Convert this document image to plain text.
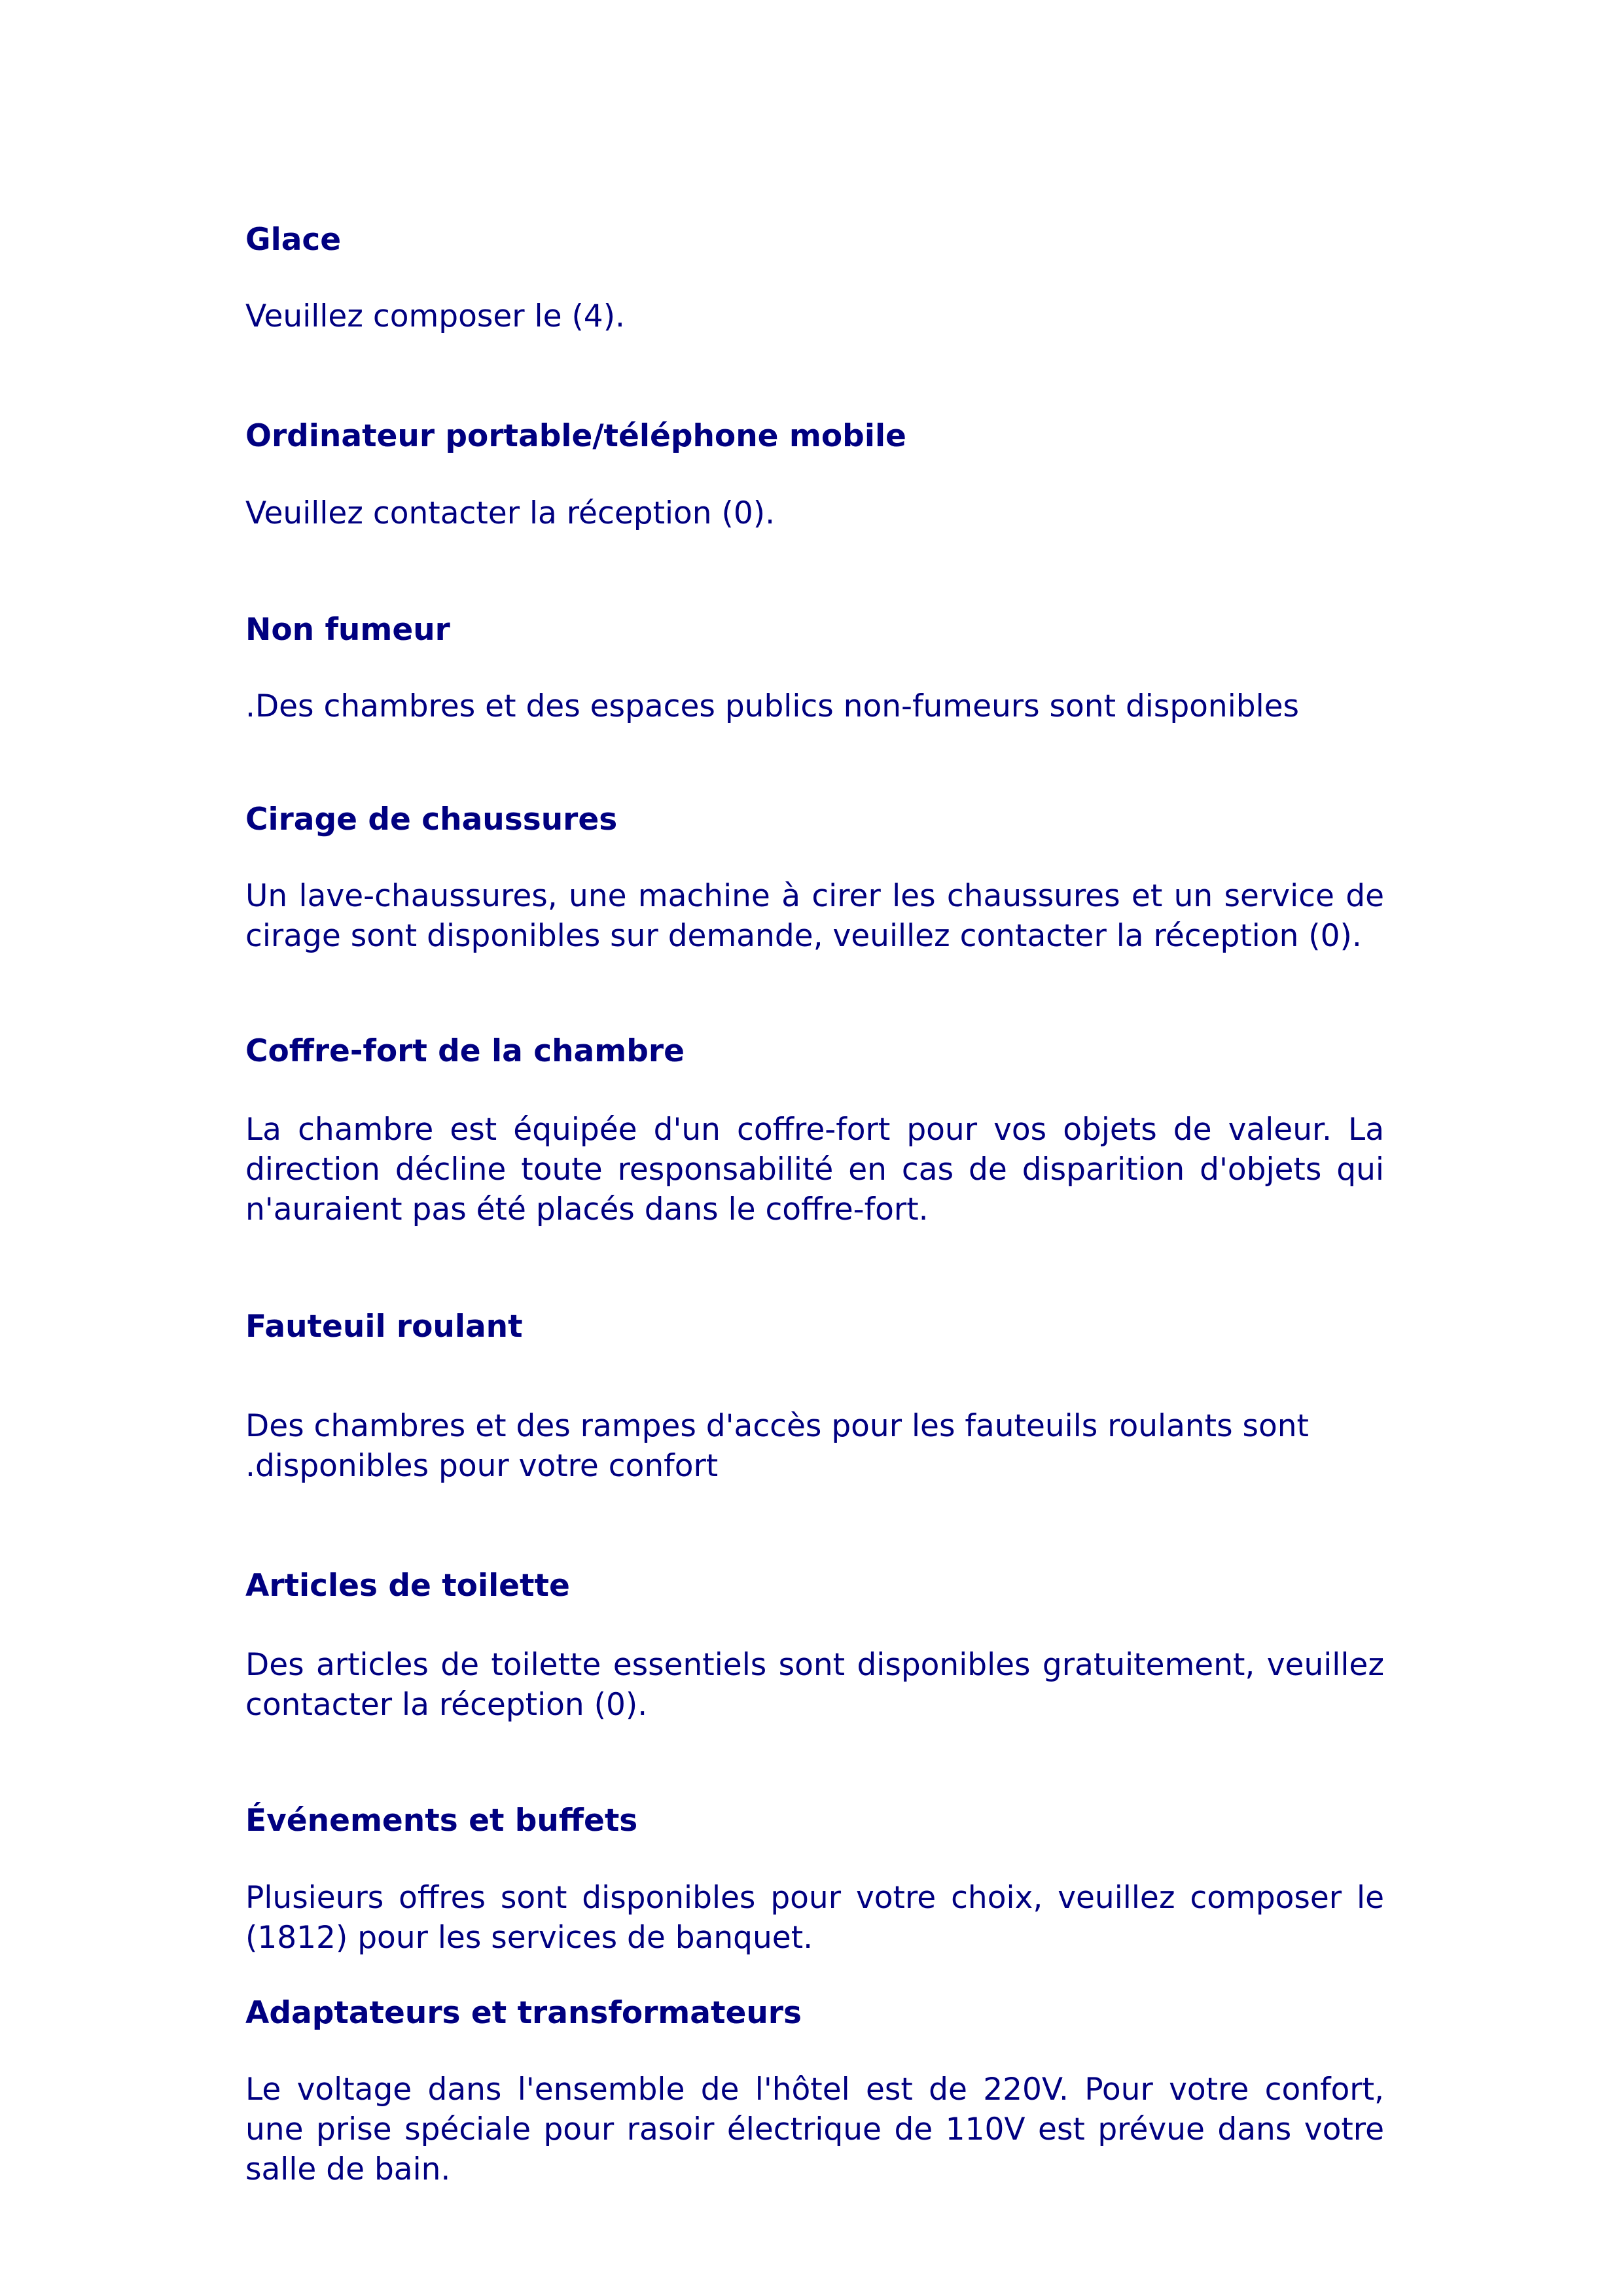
Glace

Veuillez composer le (4).

Ordinateur portable/téléphone mobile

Veuillez contacter la réception (0).

Non fumeur

.Des chambres et des espaces publics non-fumeurs sont disponibles

Cirage de chaussures

Un lave-chaussures, une machine à cirer les chaussures et un service de cirage sont disponibles sur demande, veuillez contacter la réception (0).

Coffre-fort de la chambre

La chambre est équipée d'un coffre-fort pour vos objets de valeur. La direction décline toute responsabilité en cas de disparition d'objets qui n'auraient pas été placés dans le coffre-fort.

Fauteuil roulant

Des chambres et des rampes d'accès pour les fauteuils roulants sont

.disponibles pour votre confort

Articles de toilette

Des articles de toilette essentiels sont disponibles gratuitement, veuillez contacter la réception (0).

Événements et buffets

Plusieurs offres sont disponibles pour votre choix, veuillez composer le (1812) pour les services de banquet.

Adaptateurs et transformateurs

Le voltage dans l'ensemble de l'hôtel est de 220V. Pour votre confort, une prise spéciale pour rasoir électrique de 110V est prévue dans votre salle de bain.
